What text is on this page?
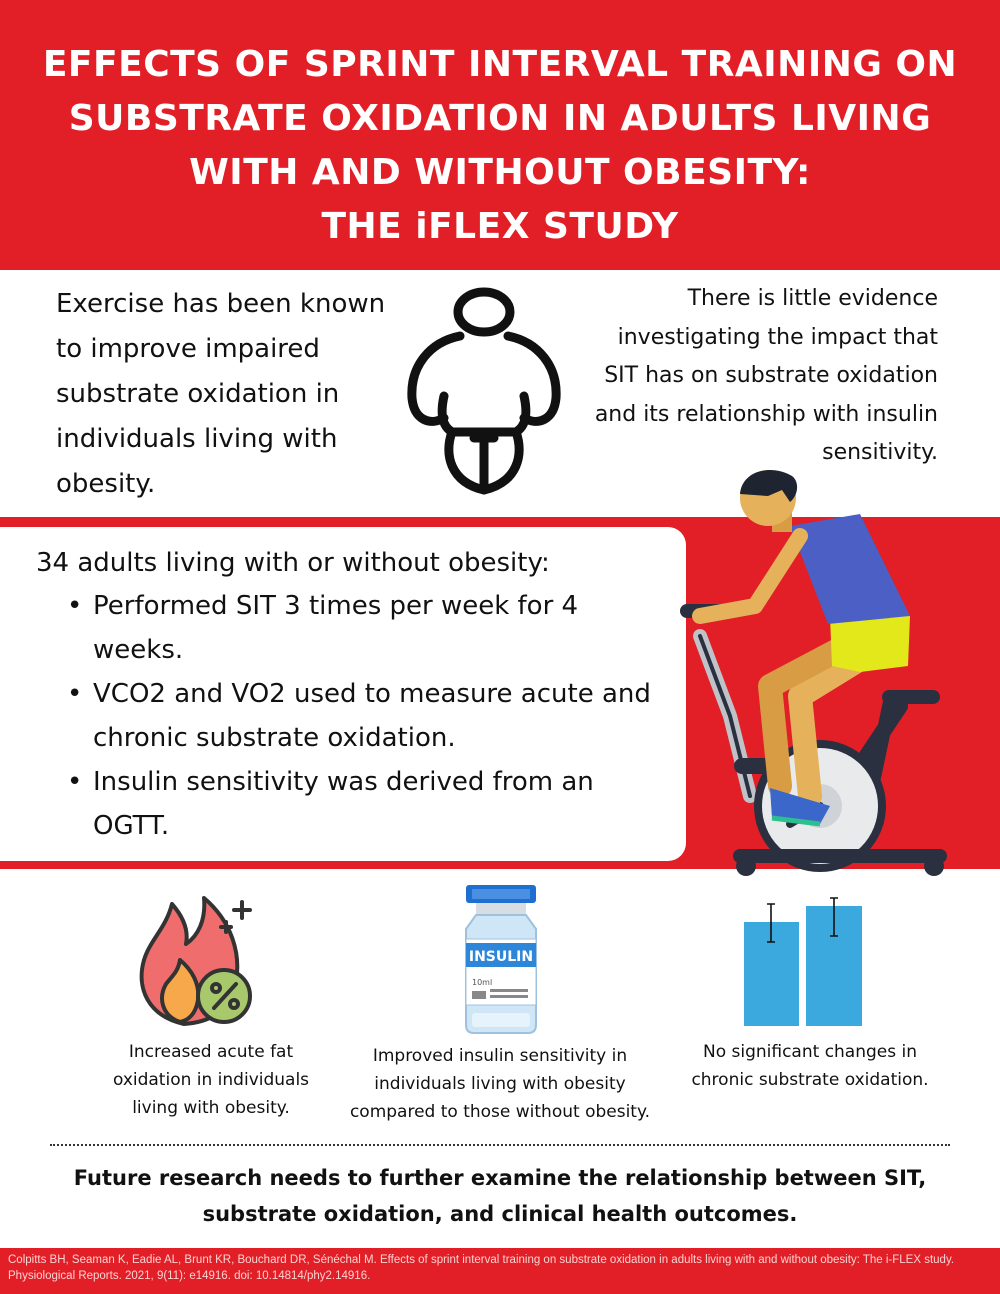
EFFECTS OF SPRINT INTERVAL TRAINING ON
SUBSTRATE OXIDATION IN ADULTS LIVING
WITH AND WITHOUT OBESITY:
THE iFLEX STUDY

Exercise has been known to improve impaired substrate oxidation in individuals living with obesity.

There is little evidence investigating the impact that SIT has on substrate oxidation and its relationship with insulin sensitivity.

34 adults living with or without obesity:

• Performed SIT 3 times per week for 4 weeks.
• VCO2 and VO2 used to measure acute and chronic substrate oxidation.
• Insulin sensitivity was derived from an OGTT.
INSULIN
10ml

Increased acute fat oxidation in individuals living with obesity.

Improved insulin sensitivity in individuals living with obesity compared to those without obesity.

No significant changes in chronic substrate oxidation.

Future research needs to further examine the relationship between SIT, substrate oxidation, and clinical health outcomes.

Colpitts BH, Seaman K, Eadie AL, Brunt KR, Bouchard DR, Sénéchal M. Effects of sprint interval training on substrate oxidation in adults living with and without obesity: The i-FLEX study. Physiological Reports. 2021, 9(11): e14916. doi: 10.14814/phy2.14916.
